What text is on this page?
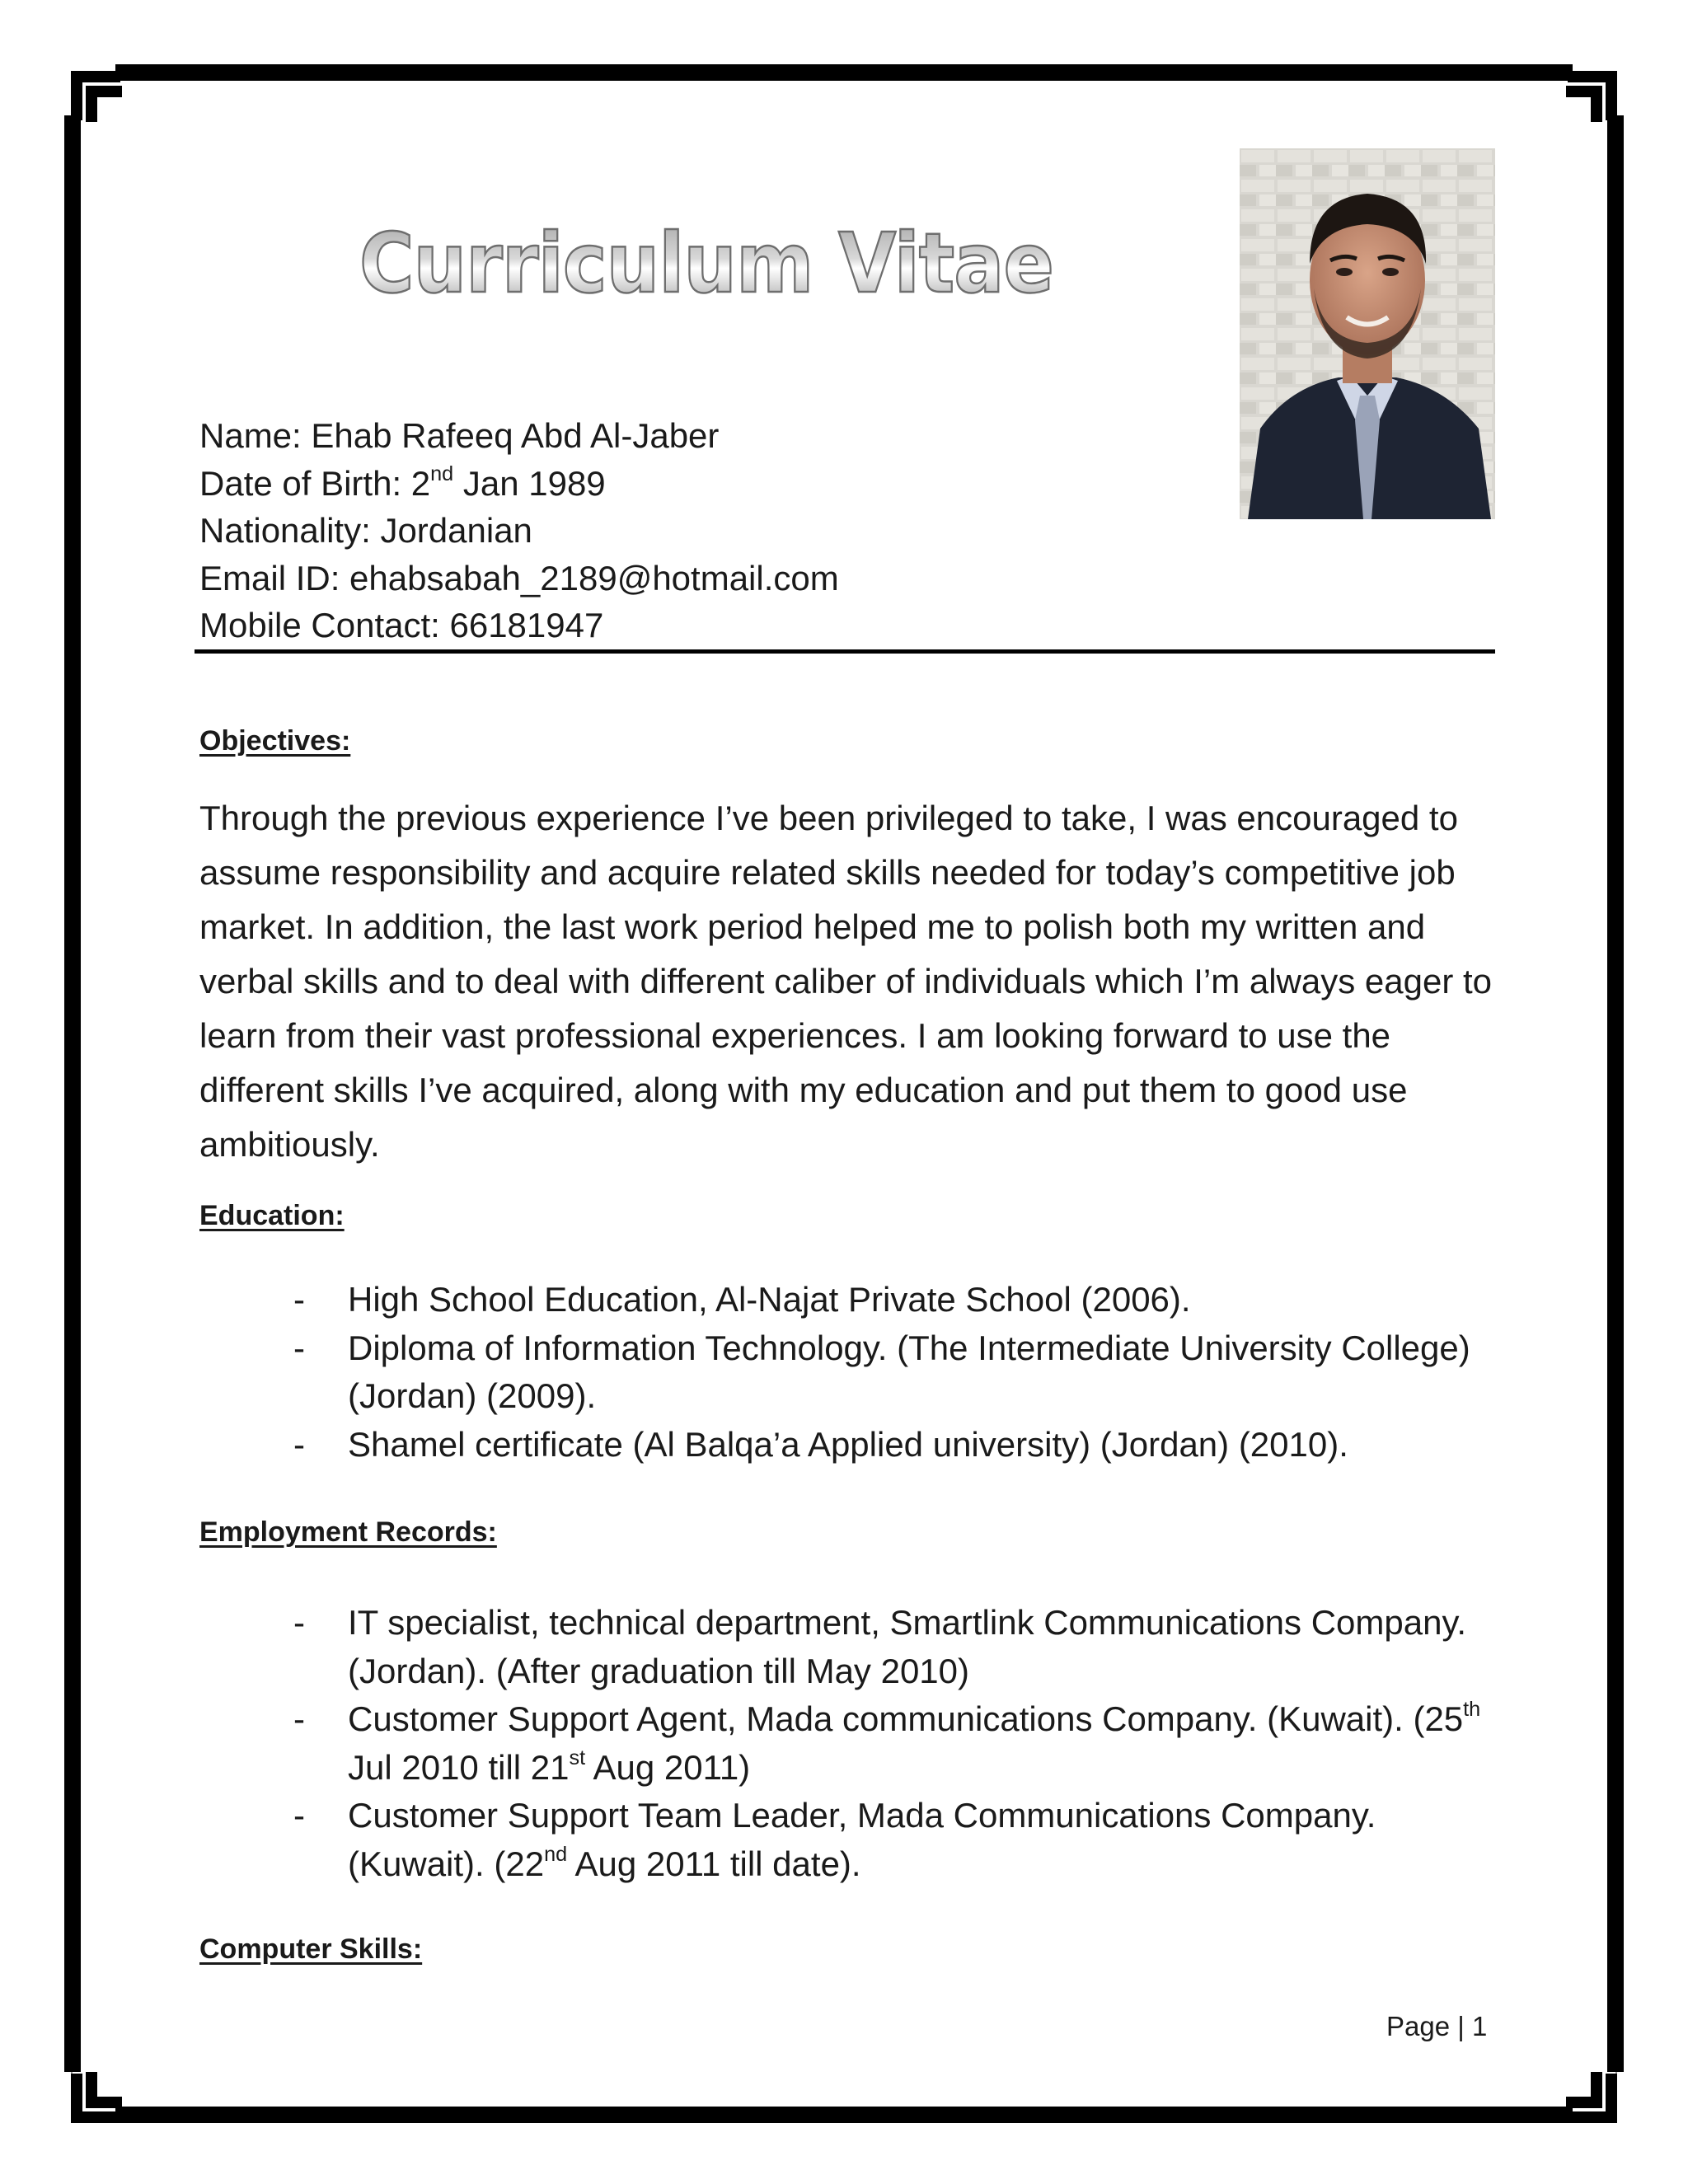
Curriculum Vitae
Name: Ehab Rafeeq Abd Al-Jaber
Date of Birth: 2nd Jan 1989
Nationality: Jordanian
Email ID: ehabsabah_2189@hotmail.com
Mobile Contact: 66181947
Objectives:

Through the previous experience I’ve been privileged to take, I was encouraged to assume responsibility and acquire related skills needed for today’s competitive job market. In addition, the last work period helped me to polish both my written and verbal skills and to deal with different caliber of individuals which I’m always eager to learn from their vast professional experiences. I am looking forward to use the different skills I’ve acquired, along with my education and put them to good use ambitiously.

Education:
- High School Education, Al-Najat Private School (2006).
- Diploma of Information Technology. (The Intermediate University College)(Jordan) (2009).
- Shamel certificate (Al Balqa’a Applied university) (Jordan) (2010).
Employment Records:
- IT specialist, technical department, Smartlink Communications Company. (Jordan). (After graduation till May 2010)
- Customer Support Agent, Mada communications Company. (Kuwait). (25th Jul 2010 till 21st Aug 2011)
- Customer Support Team Leader, Mada Communications Company. (Kuwait). (22nd Aug 2011 till date).
Computer Skills:
Page | 1
